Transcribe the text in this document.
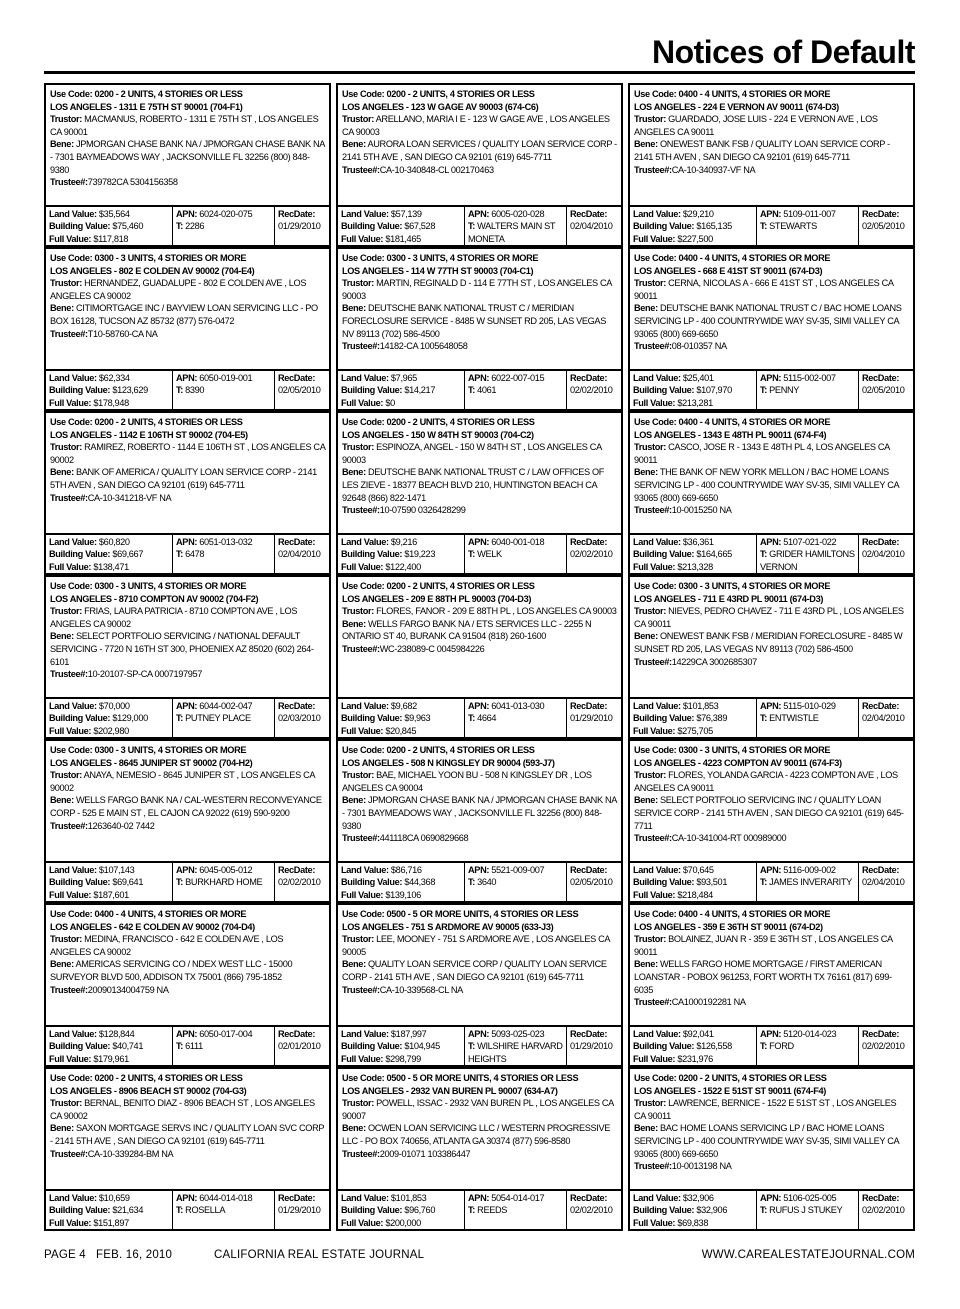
Notices of Default
Use Code: 0200 - 2 UNITS, 4 STORIES OR LESS
LOS ANGELES - 1311 E 75TH ST 90001 (704-F1)
Trustor: MACMANUS, ROBERTO - 1311 E 75TH ST , LOS ANGELES CA 90001
Bene: JPMORGAN CHASE BANK NA / JPMORGAN CHASE BANK NA - 7301 BAYMEADOWS WAY , JACKSONVILLE FL 32256 (800) 848-9380
Trustee#:739782CA 5304156358
Land Value: $35,564
Building Value: $75,460
Full Value: $117,818
APN: 6024-020-075
T: 2286
RecDate:
01/29/2010
Use Code: 0200 - 2 UNITS, 4 STORIES OR LESS
LOS ANGELES - 123 W GAGE AV 90003 (674-C6)
Trustor: ARELLANO, MARIA I E - 123 W GAGE AVE , LOS ANGELES CA 90003
Bene: AURORA LOAN SERVICES / QUALITY LOAN SERVICE CORP - 2141 5TH AVE , SAN DIEGO CA 92101 (619) 645-7711
Trustee#:CA-10-340848-CL 002170463
Land Value: $57,139
Building Value: $67,528
Full Value: $181,465
APN: 6005-020-028
T: WALTERS MAIN ST MONETA
RecDate:
02/04/2010
Use Code: 0400 - 4 UNITS, 4 STORIES OR MORE
LOS ANGELES - 224 E VERNON AV 90011 (674-D3)
Trustor: GUARDADO, JOSE LUIS - 224 E VERNON AVE , LOS ANGELES CA 90011
Bene: ONEWEST BANK FSB / QUALITY LOAN SERVICE CORP - 2141 5TH AVEN , SAN DIEGO CA 92101 (619) 645-7711
Trustee#:CA-10-340937-VF NA
Land Value: $29,210
Building Value: $165,135
Full Value: $227,500
APN: 5109-011-007
T: STEWARTS
RecDate:
02/05/2010
Use Code: 0300 - 3 UNITS, 4 STORIES OR MORE
LOS ANGELES - 802 E COLDEN AV 90002 (704-E4)
Trustor: HERNANDEZ, GUADALUPE - 802 E COLDEN AVE , LOS ANGELES CA 90002
Bene: CITIMORTGAGE INC / BAYVIEW LOAN SERVICING LLC - PO BOX 16128, TUCSON AZ 85732 (877) 576-0472
Trustee#:T10-58760-CA NA
Land Value: $62,334
Building Value: $123,629
Full Value: $178,948
APN: 6050-019-001
T: 8390
RecDate:
02/05/2010
Use Code: 0300 - 3 UNITS, 4 STORIES OR MORE
LOS ANGELES - 114 W 77TH ST 90003 (704-C1)
Trustor: MARTIN, REGINALD D - 114 E 77TH ST , LOS ANGELES CA 90003
Bene: DEUTSCHE BANK NATIONAL TRUST C / MERIDIAN FORECLOSURE SERVICE - 8485 W SUNSET RD 205, LAS VEGAS NV 89113 (702) 586-4500
Trustee#:14182-CA 1005648058
Land Value: $7,965
Building Value: $14,217
Full Value: $0
APN: 6022-007-015
T: 4061
RecDate:
02/02/2010
Use Code: 0400 - 4 UNITS, 4 STORIES OR MORE
LOS ANGELES - 668 E 41ST ST 90011 (674-D3)
Trustor: CERNA, NICOLAS A - 666 E 41ST ST , LOS ANGELES CA 90011
Bene: DEUTSCHE BANK NATIONAL TRUST C / BAC HOME LOANS SERVICING LP - 400 COUNTRYWIDE WAY SV-35, SIMI VALLEY CA 93065 (800) 669-6650
Trustee#:08-010357 NA
Land Value: $25,401
Building Value: $107,970
Full Value: $213,281
APN: 5115-002-007
T: PENNY
RecDate:
02/05/2010
Use Code: 0200 - 2 UNITS, 4 STORIES OR LESS
LOS ANGELES - 1142 E 106TH ST 90002 (704-E5)
Trustor: RAMIREZ, ROBERTO - 1144 E 106TH ST , LOS ANGELES CA 90002
Bene: BANK OF AMERICA / QUALITY LOAN SERVICE CORP - 2141 5TH AVEN , SAN DIEGO CA 92101 (619) 645-7711
Trustee#:CA-10-341218-VF NA
Land Value: $60,820
Building Value: $69,667
Full Value: $138,471
APN: 6051-013-032
T: 6478
RecDate:
02/04/2010
Use Code: 0200 - 2 UNITS, 4 STORIES OR LESS
LOS ANGELES - 150 W 84TH ST 90003 (704-C2)
Trustor: ESPINOZA, ANGEL - 150 W 84TH ST , LOS ANGELES CA 90003
Bene: DEUTSCHE BANK NATIONAL TRUST C / LAW OFFICES OF LES ZIEVE - 18377 BEACH BLVD 210, HUNTINGTON BEACH CA 92648 (866) 822-1471
Trustee#:10-07590 0326428299
Land Value: $9,216
Building Value: $19,223
Full Value: $122,400
APN: 6040-001-018
T: WELK
RecDate:
02/02/2010
Use Code: 0400 - 4 UNITS, 4 STORIES OR MORE
LOS ANGELES - 1343 E 48TH PL 90011 (674-F4)
Trustor: CASCO, JOSE R - 1343 E 48TH PL 4, LOS ANGELES CA 90011
Bene: THE BANK OF NEW YORK MELLON / BAC HOME LOANS SERVICING LP - 400 COUNTRYWIDE WAY SV-35, SIMI VALLEY CA 93065 (800) 669-6650
Trustee#:10-0015250 NA
Land Value: $36,361
Building Value: $164,665
Full Value: $213,328
APN: 5107-021-022
T: GRIDER HAMILTONS VERNON
RecDate:
02/04/2010
Use Code: 0300 - 3 UNITS, 4 STORIES OR MORE
LOS ANGELES - 8710 COMPTON AV 90002 (704-F2)
Trustor: FRIAS, LAURA PATRICIA - 8710 COMPTON AVE , LOS ANGELES CA 90002
Bene: SELECT PORTFOLIO SERVICING / NATIONAL DEFAULT SERVICING - 7720 N 16TH ST 300, PHOENIEX AZ 85020 (602) 264-6101
Trustee#:10-20107-SP-CA 0007197957
Land Value: $70,000
Building Value: $129,000
Full Value: $202,980
APN: 6044-002-047
T: PUTNEY PLACE
RecDate:
02/03/2010
Use Code: 0200 - 2 UNITS, 4 STORIES OR LESS
LOS ANGELES - 209 E 88TH PL 90003 (704-D3)
Trustor: FLORES, FANOR - 209 E 88TH PL , LOS ANGELES CA 90003
Bene: WELLS FARGO BANK NA / ETS SERVICES LLC - 2255 N ONTARIO ST 40, BURANK CA 91504 (818) 260-1600
Trustee#:WC-238089-C 0045984226
Land Value: $9,682
Building Value: $9,963
Full Value: $20,845
APN: 6041-013-030
T: 4664
RecDate:
01/29/2010
Use Code: 0300 - 3 UNITS, 4 STORIES OR MORE
LOS ANGELES - 711 E 43RD PL 90011 (674-D3)
Trustor: NIEVES, PEDRO CHAVEZ - 711 E 43RD PL , LOS ANGELES CA 90011
Bene: ONEWEST BANK FSB / MERIDIAN FORECLOSURE - 8485 W SUNSET RD 205, LAS VEGAS NV 89113 (702) 586-4500
Trustee#:14229CA 3002685307
Land Value: $101,853
Building Value: $76,389
Full Value: $275,705
APN: 5115-010-029
T: ENTWISTLE
RecDate:
02/04/2010
Use Code: 0300 - 3 UNITS, 4 STORIES OR MORE
LOS ANGELES - 8645 JUNIPER ST 90002 (704-H2)
Trustor: ANAYA, NEMESIO - 8645 JUNIPER ST , LOS ANGELES CA 90002
Bene: WELLS FARGO BANK NA / CAL-WESTERN RECONVEYANCE CORP - 525 E MAIN ST , EL CAJON CA 92022 (619) 590-9200
Trustee#:1263640-02 7442
Land Value: $107,143
Building Value: $69,641
Full Value: $187,601
APN: 6045-005-012
T: BURKHARD HOME
RecDate:
02/02/2010
Use Code: 0200 - 2 UNITS, 4 STORIES OR LESS
LOS ANGELES - 508 N KINGSLEY DR 90004 (593-J7)
Trustor: BAE, MICHAEL YOON BU - 508 N KINGSLEY DR , LOS ANGELES CA 90004
Bene: JPMORGAN CHASE BANK NA / JPMORGAN CHASE BANK NA - 7301 BAYMEADOWS WAY , JACKSONVILLE FL 32256 (800) 848-9380
Trustee#:441118CA 0690829668
Land Value: $86,716
Building Value: $44,368
Full Value: $139,106
APN: 5521-009-007
T: 3640
RecDate:
02/05/2010
Use Code: 0300 - 3 UNITS, 4 STORIES OR MORE
LOS ANGELES - 4223 COMPTON AV 90011 (674-F3)
Trustor: FLORES, YOLANDA GARCIA - 4223 COMPTON AVE , LOS ANGELES CA 90011
Bene: SELECT PORTFOLIO SERVICING INC / QUALITY LOAN SERVICE CORP - 2141 5TH AVEN , SAN DIEGO CA 92101 (619) 645-7711
Trustee#:CA-10-341004-RT 000989000
Land Value: $70,645
Building Value: $93,501
Full Value: $218,484
APN: 5116-009-002
T: JAMES INVERARITY
RecDate:
02/04/2010
Use Code: 0400 - 4 UNITS, 4 STORIES OR MORE
LOS ANGELES - 642 E COLDEN AV 90002 (704-D4)
Trustor: MEDINA, FRANCISCO - 642 E COLDEN AVE , LOS ANGELES CA 90002
Bene: AMERICAS SERVICING CO / NDEX WEST LLC - 15000 SURVEYOR BLVD 500, ADDISON TX 75001 (866) 795-1852
Trustee#:20090134004759 NA
Land Value: $128,844
Building Value: $40,741
Full Value: $179,961
APN: 6050-017-004
T: 6111
RecDate:
02/01/2010
Use Code: 0500 - 5 OR MORE UNITS, 4 STORIES OR LESS
LOS ANGELES - 751 S ARDMORE AV 90005 (633-J3)
Trustor: LEE, MOONEY - 751 S ARDMORE AVE , LOS ANGELES CA 90005
Bene: QUALITY LOAN SERVICE CORP / QUALITY LOAN SERVICE CORP - 2141 5TH AVE , SAN DIEGO CA 92101 (619) 645-7711
Trustee#:CA-10-339568-CL NA
Land Value: $187,997
Building Value: $104,945
Full Value: $298,799
APN: 5093-025-023
T: WILSHIRE HARVARD HEIGHTS
RecDate:
01/29/2010
Use Code: 0400 - 4 UNITS, 4 STORIES OR MORE
LOS ANGELES - 359 E 36TH ST 90011 (674-D2)
Trustor: BOLAINEZ, JUAN R - 359 E 36TH ST , LOS ANGELES CA 90011
Bene: WELLS FARGO HOME MORTGAGE / FIRST AMERICAN LOANSTAR - POBOX 961253, FORT WORTH TX 76161 (817) 699-6035
Trustee#:CA1000192281 NA
Land Value: $92,041
Building Value: $126,558
Full Value: $231,976
APN: 5120-014-023
T: FORD
RecDate:
02/02/2010
Use Code: 0200 - 2 UNITS, 4 STORIES OR LESS
LOS ANGELES - 8906 BEACH ST 90002 (704-G3)
Trustor: BERNAL, BENITO DIAZ - 8906 BEACH ST , LOS ANGELES CA 90002
Bene: SAXON MORTGAGE SERVS INC / QUALITY LOAN SVC CORP - 2141 5TH AVE , SAN DIEGO CA 92101 (619) 645-7711
Trustee#:CA-10-339284-BM NA
Land Value: $10,659
Building Value: $21,634
Full Value: $151,897
APN: 6044-014-018
T: ROSELLA
RecDate:
01/29/2010
Use Code: 0500 - 5 OR MORE UNITS, 4 STORIES OR LESS
LOS ANGELES - 2932 VAN BUREN PL 90007 (634-A7)
Trustor: POWELL, ISSAC - 2932 VAN BUREN PL , LOS ANGELES CA 90007
Bene: OCWEN LOAN SERVICING LLC / WESTERN PROGRESSIVE LLC - PO BOX 740656, ATLANTA GA 30374 (877) 596-8580
Trustee#:2009-01071 103386447
Land Value: $101,853
Building Value: $96,760
Full Value: $200,000
APN: 5054-014-017
T: REEDS
RecDate:
02/02/2010
Use Code: 0200 - 2 UNITS, 4 STORIES OR LESS
LOS ANGELES - 1522 E 51ST ST 90011 (674-F4)
Trustor: LAWRENCE, BERNICE - 1522 E 51ST ST , LOS ANGELES CA 90011
Bene: BAC HOME LOANS SERVICING LP / BAC HOME LOANS SERVICING LP - 400 COUNTRYWIDE WAY SV-35, SIMI VALLEY CA 93065 (800) 669-6650
Trustee#:10-0013198 NA
Land Value: $32,906
Building Value: $32,906
Full Value: $69,838
APN: 5106-025-005
T: RUFUS J STUKEY
RecDate:
02/02/2010
PAGE 4 FEB. 16, 2010	CALIFORNIA REAL ESTATE JOURNAL	WWW.CAREALESTATEJOURNAL.COM
